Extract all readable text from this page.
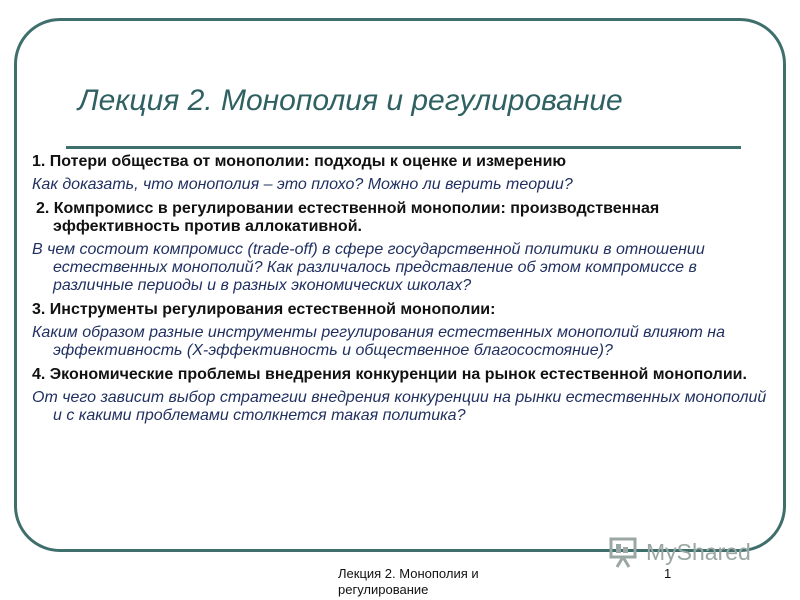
Лекция 2. Монополия и регулирование
1. Потери общества от монополии: подходы к оценке и измерению
Как доказать, что монополия – это плохо? Можно ли верить теории?
2. Компромисс в регулировании естественной монополии: производственная эффективность против аллокативной.
В чем состоит компромисс (trade-off) в сфере государственной политики в отношении естественных монополий? Как различалось представление об этом компромиссе в различные периоды и в разных экономических школах?
3. Инструменты регулирования естественной монополии:
Каким образом разные инструменты регулирования естественных монополий влияют на эффективность (X-эффективность и общественное благосостояние)?
4. Экономические проблемы внедрения конкуренции на рынок естественной монополии.
От чего зависит выбор стратегии внедрения конкуренции на рынки естественных монополий и с какими проблемами столкнется такая политика?
MyShared
Лекция 2. Монополия и регулирование
1
